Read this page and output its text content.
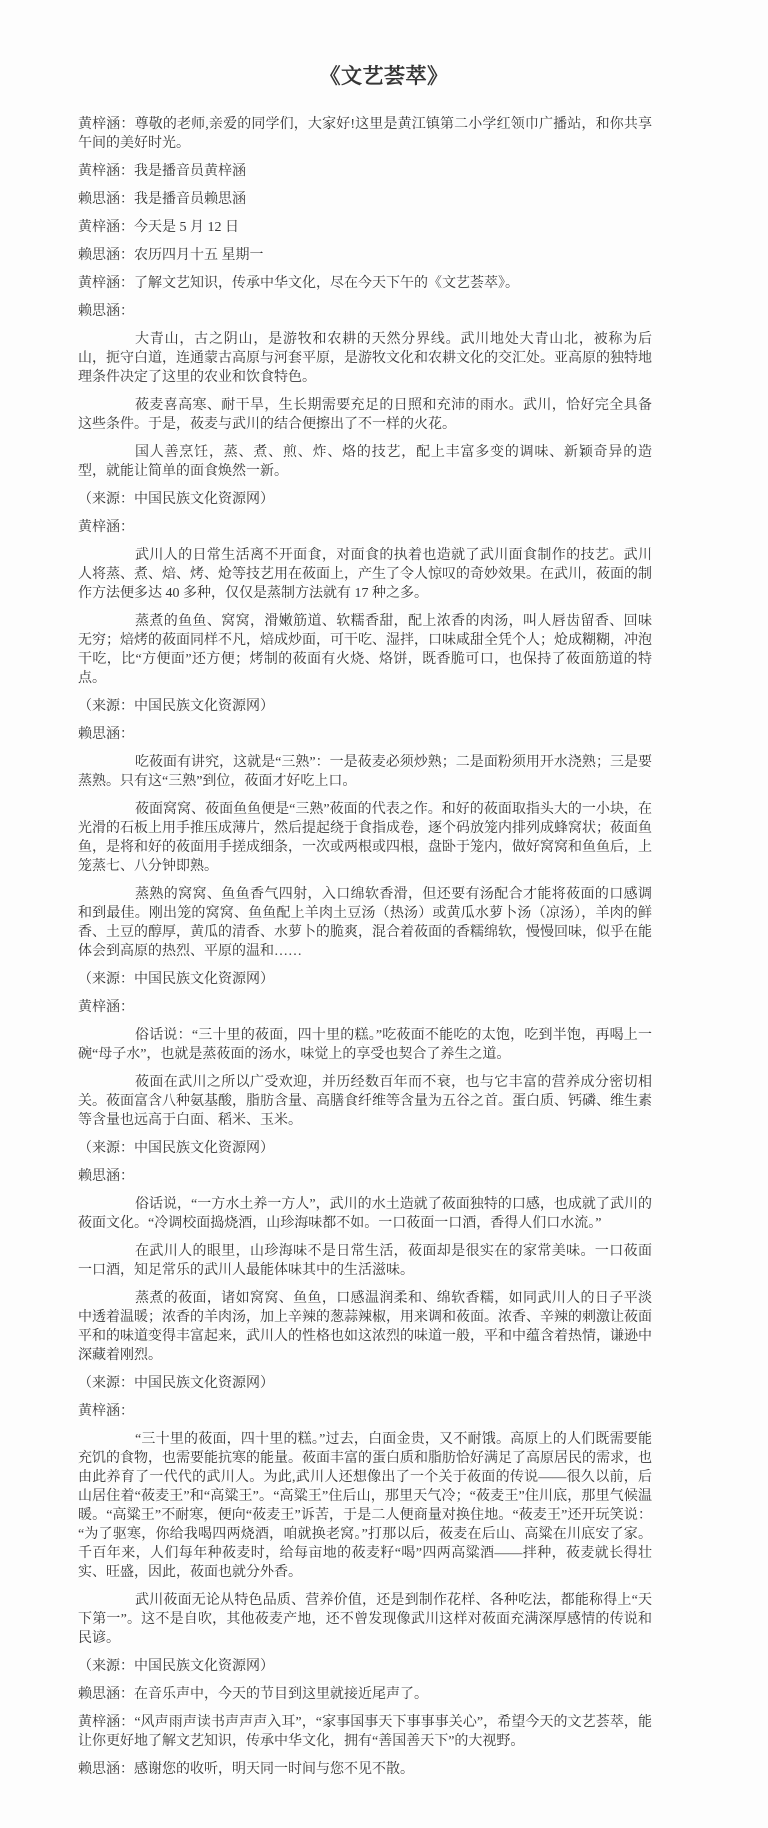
《文艺荟萃》

黄梓涵：尊敬的老师,亲爱的同学们，大家好!这里是黄江镇第二小学红领巾广播站，和你共享午间的美好时光。

黄梓涵：我是播音员黄梓涵

赖思涵：我是播音员赖思涵

黄梓涵：今天是 5 月 12 日

赖思涵：农历四月十五 星期一

黄梓涵：了解文艺知识，传承中华文化，尽在今天下午的《文艺荟萃》。

赖思涵：

大青山，古之阴山，是游牧和农耕的天然分界线。武川地处大青山北，被称为后山，扼守白道，连通蒙古高原与河套平原，是游牧文化和农耕文化的交汇处。亚高原的独特地理条件决定了这里的农业和饮食特色。

莜麦喜高寒、耐干旱，生长期需要充足的日照和充沛的雨水。武川，恰好完全具备这些条件。于是，莜麦与武川的结合便擦出了不一样的火花。

国人善烹饪，蒸、煮、煎、炸、烙的技艺，配上丰富多变的调味、新颖奇异的造型，就能让简单的面食焕然一新。

（来源：中国民族文化资源网）

黄梓涵：

武川人的日常生活离不开面食，对面食的执着也造就了武川面食制作的技艺。武川人将蒸、煮、焙、烤、炝等技艺用在莜面上，产生了令人惊叹的奇妙效果。在武川，莜面的制作方法便多达 40 多种，仅仅是蒸制方法就有 17 种之多。

蒸煮的鱼鱼、窝窝，滑嫩筋道、软糯香甜，配上浓香的肉汤，叫人唇齿留香、回味无穷；焙烤的莜面同样不凡，焙成炒面，可干吃、湿拌，口味咸甜全凭个人；炝成糊糊，冲泡干吃，比“方便面”还方便；烤制的莜面有火烧、烙饼，既香脆可口，也保持了莜面筋道的特点。

（来源：中国民族文化资源网）

赖思涵：

吃莜面有讲究，这就是“三熟”：一是莜麦必须炒熟；二是面粉须用开水浇熟；三是要蒸熟。只有这“三熟”到位，莜面才好吃上口。

莜面窝窝、莜面鱼鱼便是“三熟”莜面的代表之作。和好的莜面取指头大的一小块，在光滑的石板上用手推压成薄片，然后提起绕于食指成卷，逐个码放笼内排列成蜂窝状；莜面鱼鱼，是将和好的莜面用手搓成细条，一次或两根或四根，盘卧于笼内，做好窝窝和鱼鱼后，上笼蒸七、八分钟即熟。

蒸熟的窝窝、鱼鱼香气四射，入口绵软香滑，但还要有汤配合才能将莜面的口感调和到最佳。刚出笼的窝窝、鱼鱼配上羊肉土豆汤（热汤）或黄瓜水萝卜汤（凉汤），羊肉的鲜香、土豆的醇厚，黄瓜的清香、水萝卜的脆爽，混合着莜面的香糯绵软，慢慢回味，似乎在能体会到高原的热烈、平原的温和……

（来源：中国民族文化资源网）

黄梓涵：

俗话说：“三十里的莜面，四十里的糕。”吃莜面不能吃的太饱，吃到半饱，再喝上一碗“母子水”，也就是蒸莜面的汤水，味觉上的享受也契合了养生之道。

莜面在武川之所以广受欢迎，并历经数百年而不衰，也与它丰富的营养成分密切相关。莜面富含八种氨基酸，脂肪含量、高膳食纤维等含量为五谷之首。蛋白质、钙磷、维生素等含量也远高于白面、稻米、玉米。

（来源：中国民族文化资源网）

赖思涵：

俗话说，“一方水土养一方人”，武川的水土造就了莜面独特的口感，也成就了武川的莜面文化。“冷调校面捣烧酒，山珍海味都不如。一口莜面一口酒，香得人们口水流。”

在武川人的眼里，山珍海味不是日常生活，莜面却是很实在的家常美味。一口莜面一口酒，知足常乐的武川人最能体味其中的生活滋味。

蒸煮的莜面，诸如窝窝、鱼鱼，口感温润柔和、绵软香糯，如同武川人的日子平淡中透着温暖；浓香的羊肉汤，加上辛辣的葱蒜辣椒，用来调和莜面。浓香、辛辣的刺激让莜面平和的味道变得丰富起来，武川人的性格也如这浓烈的味道一般，平和中蕴含着热情，谦逊中深藏着刚烈。

（来源：中国民族文化资源网）

黄梓涵：

“三十里的莜面，四十里的糕。”过去，白面金贵，又不耐饿。高原上的人们既需要能充饥的食物，也需要能抗寒的能量。莜面丰富的蛋白质和脂肪恰好满足了高原居民的需求，也由此养育了一代代的武川人。为此,武川人还想像出了一个关于莜面的传说——很久以前，后山居住着“莜麦王”和“高粱王”。“高粱王”住后山，那里天气冷；“莜麦王”住川底，那里气候温暖。“高粱王”不耐寒，便向“莜麦王”诉苦，于是二人便商量对换住地。“莜麦王”还开玩笑说：“为了驱寒，你给我喝四两烧酒，咱就换老窝。”打那以后，莜麦在后山、高粱在川底安了家。千百年来，人们每年种莜麦时，给每亩地的莜麦籽“喝”四两高粱酒——拌种，莜麦就长得壮实、旺盛，因此，莜面也就分外香。

武川莜面无论从特色品质、营养价值，还是到制作花样、各种吃法，都能称得上“天下第一”。这不是自吹，其他莜麦产地，还不曾发现像武川这样对莜面充满深厚感情的传说和民谚。

（来源：中国民族文化资源网）

赖思涵：在音乐声中，今天的节目到这里就接近尾声了。

黄梓涵：“风声雨声读书声声声入耳”，“家事国事天下事事事关心”，希望今天的文艺荟萃，能让你更好地了解文艺知识，传承中华文化，拥有“善国善天下”的大视野。

赖思涵：感谢您的收听，明天同一时间与您不见不散。
